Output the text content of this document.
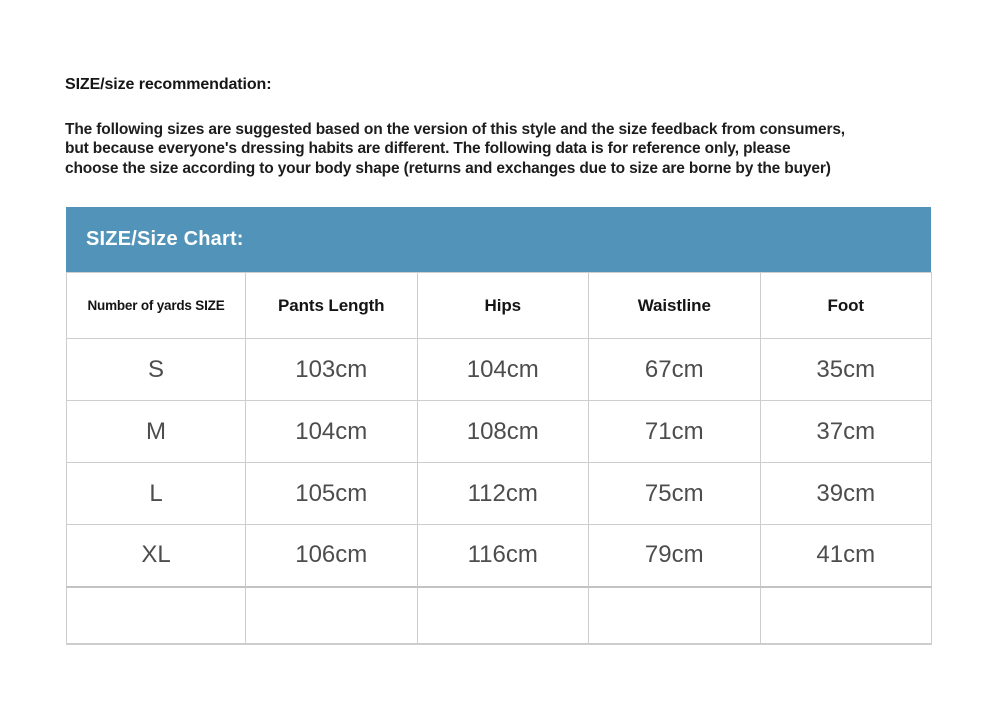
SIZE/size recommendation:
The following sizes are suggested based on the version of this style and the size feedback from consumers,
but because everyone's dressing habits are different. The following data is for reference only, please
choose the size according to your body shape (returns and exchanges due to size are borne by the buyer)
SIZE/Size Chart:
Number of yards SIZE	Pants Length	Hips	Waistline	Foot
S	103cm	104cm	67cm	35cm
M	104cm	108cm	71cm	37cm
L	105cm	112cm	75cm	39cm
XL	106cm	116cm	79cm	41cm
